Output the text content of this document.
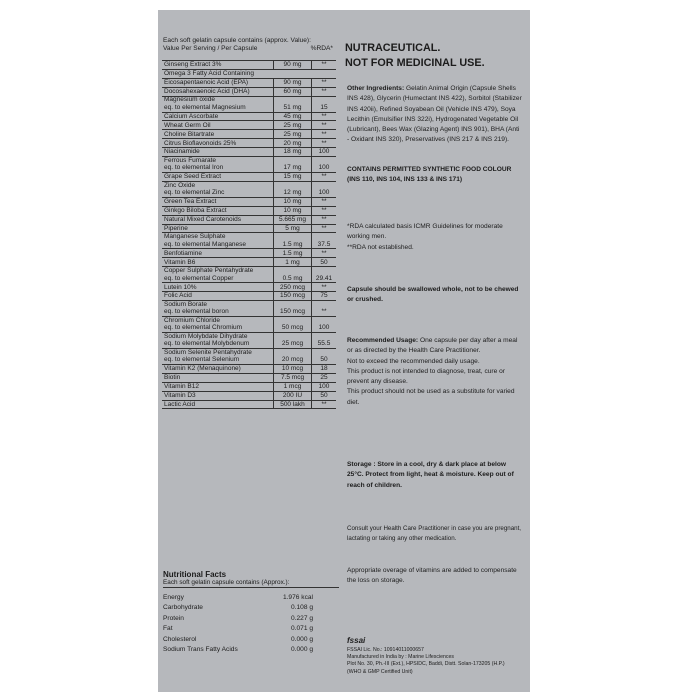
Each soft gelatin capsule contains (approx. Value):
Value Per Serving / Per Capsule	%RDA*
Ginseng Extract 3%	90 mg	**
Omega 3 Fatty Acid Containing
Eicosapentaenoic Acid (EPA)	90 mg	**
Docosahexaenoic Acid (DHA)	60 mg	**
Magnesium oxide
eq. to elemental Magnesium	51 mg	15
Calcium Ascorbate	45 mg	**
Wheat Germ Oil	25 mg	**
Choline Bitartrate	25 mg	**
Citrus Bioflavonoids 25%	20 mg	**
Niacinamide	18 mg	100
Ferrous Fumarate
eq. to elemental Iron	17 mg	100
Grape Seed Extract	15 mg	**
Zinc Oxide
eq. to elemental Zinc	12 mg	100
Green Tea Extract	10 mg	**
Ginkgo Biloba Extract	10 mg	**
Natural Mixed Carotenoids	5.665 mg	**
Piperine	5 mg	**
Manganese Sulphate
eq. to elemental Manganese	1.5 mg	37.5
Benfotiamine	1.5 mg	**
Vitamin B6	1 mg	50
Copper Sulphate Pentahydrate
eq. to elemental Copper	0.5 mg	29.41
Lutein 10%	250 mcg	**
Folic Acid	150 mcg	75
Sodium Borate
eq. to elemental boron	150 mcg	**
Chromium Chloride
eq. to elemental Chromium	50 mcg	100
Sodium Molybdate Dihydrate
eq. to elemental Molybdenum	25 mcg	55.5
Sodium Selenite Pentahydrate
eq. to elemental Selenium	20 mcg	50
Vitamin K2 (Menaquinone)	10 mcg	18
Biotin	7.5 mcg	25
Vitamin B12	1 mcg	100
Vitamin D3	200 IU	50
Lactic Acid	500 lakh	**
Nutritional Facts
Each soft gelatin capsule contains (Approx.):
Energy	1.976 kcal
Carbohydrate	0.108 g
Protein	0.227 g
Fat	0.071 g
Cholesterol	0.000 g
Sodium Trans Fatty Acids	0.000 g
NUTRACEUTICAL.
NOT FOR MEDICINAL USE.
Other Ingredients: Gelatin Animal Origin (Capsule Shells INS 428), Glycerin (Humectant INS 422), Sorbitol (Stabilizer INS 420ii), Refined Soyabean Oil (Vehicle INS 479), Soya Lecithin (Emulsifier INS 322i), Hydrogenated Vegetable Oil (Lubricant), Bees Wax (Glazing Agent) INS 901), BHA (Anti - Oxidant INS 320), Preservatives (INS 217 & INS 219).
CONTAINS PERMITTED SYNTHETIC FOOD COLOUR (INS 110, INS 104, INS 133 & INS 171)
*RDA calculated basis ICMR Guidelines for moderate working men.
**RDA not established.
Capsule should be swallowed whole, not to be chewed or crushed.
Recommended Usage: One capsule per day after a meal or as directed by the Health Care Practitioner.
Not to exceed the recommended daily usage.
This product is not intended to diagnose, treat, cure or prevent any disease.
This product should not be used as a substitute for varied diet.
Storage : Store in a cool, dry & dark place at below 25°C. Protect from light, heat & moisture. Keep out of reach of children.
Consult your Health Care Practitioner in case you are pregnant, lactating or taking any other medication.
Appropriate overage of vitamins are added to compensate the loss on storage.
fssai
FSSAI Lic. No.: 10914011000657
Manufactured in India by : Marine Lifesciences
Plot No. 30, Ph.-III (Ext.), HPSIDC, Baddi, Distt. Solan-173205 (H.P.)
(WHO & GMP Certified Unit)
